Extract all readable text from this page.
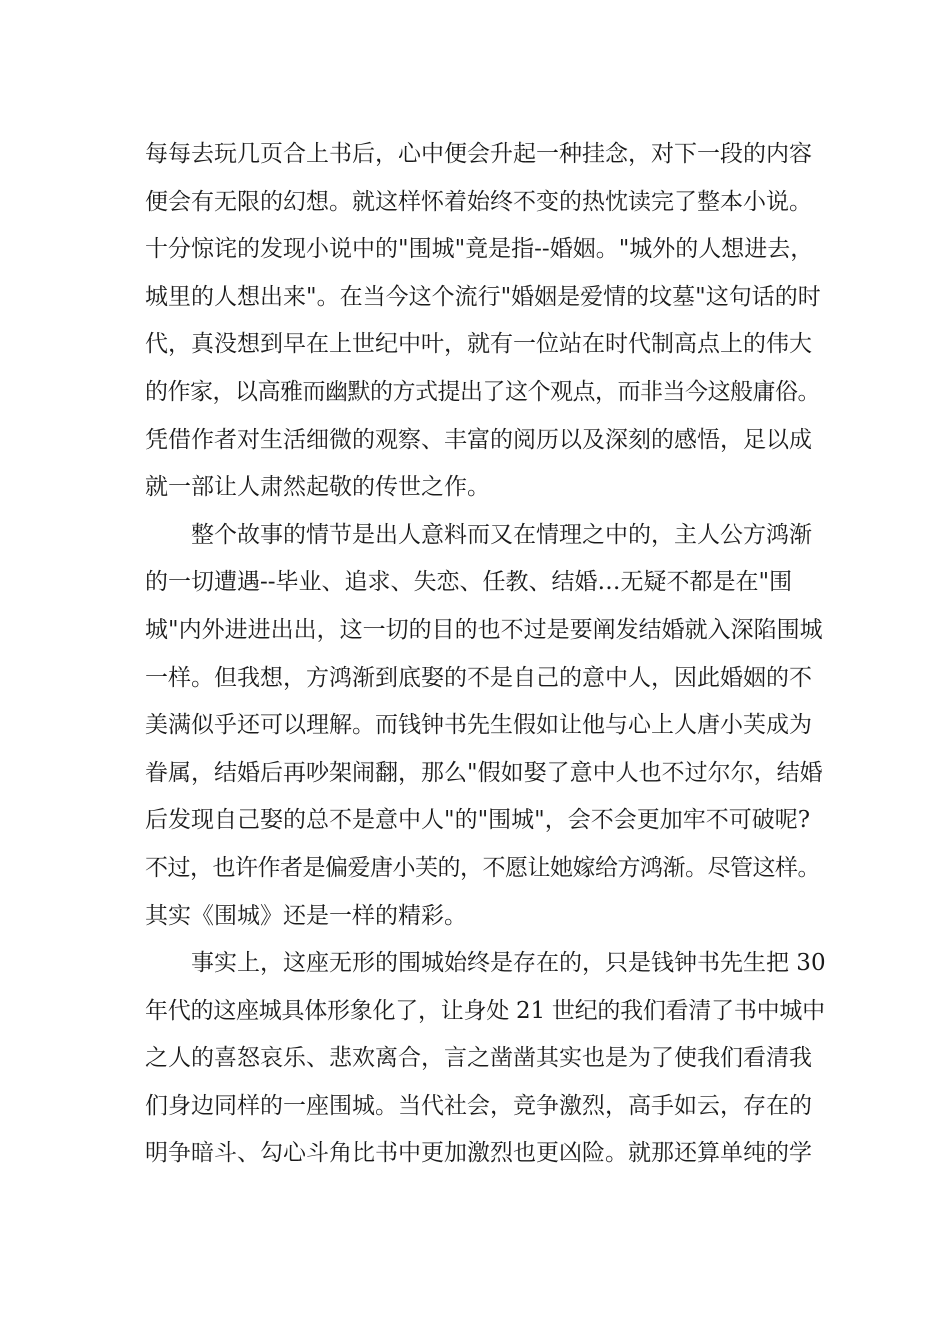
每每去玩几页合上书后，心中便会升起一种挂念，对下一段的内容
便会有无限的幻想。就这样怀着始终不变的热忱读完了整本小说。
十分惊诧的发现小说中的"围城"竟是指--婚姻。"城外的人想进去，
城里的人想出来"。在当今这个流行"婚姻是爱情的坟墓"这句话的时
代，真没想到早在上世纪中叶，就有一位站在时代制高点上的伟大
的作家，以高雅而幽默的方式提出了这个观点，而非当今这般庸俗。
凭借作者对生活细微的观察、丰富的阅历以及深刻的感悟，足以成
就一部让人肃然起敬的传世之作。
整个故事的情节是出人意料而又在情理之中的，主人公方鸿渐
的一切遭遇--毕业、追求、失恋、任教、结婚…无疑不都是在"围
城"内外进进出出，这一切的目的也不过是要阐发结婚就入深陷围城
一样。但我想，方鸿渐到底娶的不是自己的意中人，因此婚姻的不
美满似乎还可以理解。而钱钟书先生假如让他与心上人唐小芙成为
眷属，结婚后再吵架闹翻，那么"假如娶了意中人也不过尔尔，结婚
后发现自己娶的总不是意中人"的"围城"，会不会更加牢不可破呢?
不过，也许作者是偏爱唐小芙的，不愿让她嫁给方鸿渐。尽管这样。
其实《围城》还是一样的精彩。
事实上，这座无形的围城始终是存在的，只是钱钟书先生把 30
年代的这座城具体形象化了，让身处 21 世纪的我们看清了书中城中
之人的喜怒哀乐、悲欢离合，言之凿凿其实也是为了使我们看清我
们身边同样的一座围城。当代社会，竞争激烈，高手如云，存在的
明争暗斗、勾心斗角比书中更加激烈也更凶险。就那还算单纯的学
